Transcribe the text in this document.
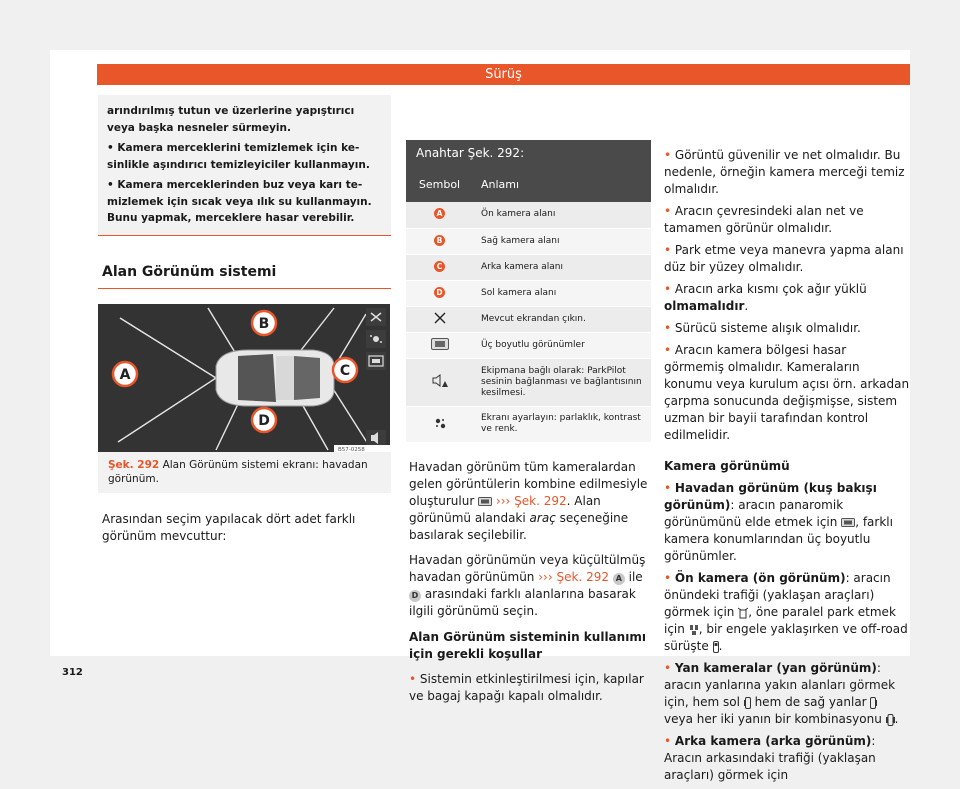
Sürüş

arındırılmış tutun ve üzerlerine yapıştırıcı veya başka nesneler sürmeyin.

• Kamera merceklerini temizlemek için kesinlikle aşındırıcı temizleyiciler kullanmayın.

• Kamera merceklerinden buz veya karı temizlemek için sıcak veya ılık su kullanmayın. Bunu yapmak, merceklere hasar verebilir.

Alan Görünüm sistemi
B
A	C
D
B57-0258
Şek. 292 Alan Görünüm sistemi ekranı: havadan görünüm.

Arasından seçim yapılacak dört adet farklı görünüm mevcuttur:

Anahtar Şek. 292:	
Sembol	Anlamı
A	Ön kamera alanı
B	Sağ kamera alanı
C	Arka kamera alanı
D	Sol kamera alanı
	Mevcut ekrandan çıkın.
	Üç boyutlu görünümler
	Ekipmana bağlı olarak: ParkPilot sesinin bağlanması ve bağlantısının kesilmesi.
	Ekranı ayarlayın: parlaklık, kontrast ve renk.

Havadan görünüm tüm kameralardan gelen görüntülerin kombine edilmesiyle oluşturulur ››› Şek. 292. Alan görünümü alandaki araç seçeneğine basılarak seçilebilir.

Havadan görünümün veya küçültülmüş havadan görünümün ››› Şek. 292 A ile D arasındaki farklı alanlarına basarak ilgili görünümü seçin.

Alan Görünüm sisteminin kullanımı için gerekli koşullar

• Sistemin etkinleştirilmesi için, kapılar ve bagaj kapağı kapalı olmalıdır.

• Görüntü güvenilir ve net olmalıdır. Bu nedenle, örneğin kamera merceği temiz olmalıdır.

• Aracın çevresindeki alan net ve tamamen görünür olmalıdır.

• Park etme veya manevra yapma alanı düz bir yüzey olmalıdır.

• Aracın arka kısmı çok ağır yüklü olmamalıdır.

• Sürücü sisteme alışık olmalıdır.

• Aracın kamera bölgesi hasar görmemiş olmalıdır. Kameraların konumu veya kurulum açısı örn. arkadan çarpma sonucunda değişmişse, sistem uzman bir bayii tarafından kontrol edilmelidir.

Kamera görünümü

• Havadan görünüm (kuş bakışı görünüm): aracın panaromik görünümünü elde etmek için , farklı kamera konumlarından üç boyutlu görünümler.

• Ön kamera (ön görünüm): aracın önündeki trafiği (yaklaşan araçları) görmek için , öne paralel park etmek için , bir engele yaklaşırken ve off-road sürüşte .

• Yan kameralar (yan görünüm): aracın yanlarına yakın alanları görmek için, hem sol hem de sağ yanlar  veya her iki yanın bir kombinasyonu .

• Arka kamera (arka görünüm): Aracın arkasındaki trafiği (yaklaşan araçları) görmek için

312
